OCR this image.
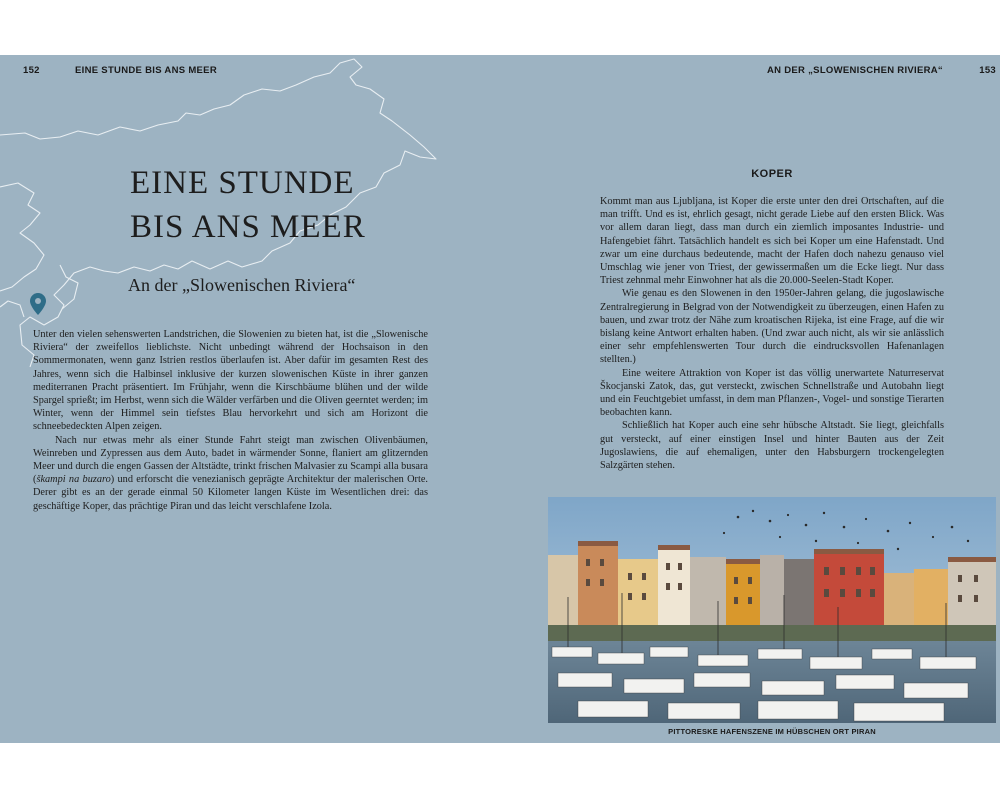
152	EINE STUNDE BIS ANS MEER	AN DER „SLOWENISCHEN RIVIERA“	153
EINE STUNDE
BIS ANS MEER
An der „Slowenischen Riviera“

Unter den vielen sehenswerten Landstrichen, die Slowenien zu bieten hat, ist die „Slowenische Riviera“ der zweifellos lieblichste. Nicht unbedingt während der Hochsaison in den Sommermonaten, wenn ganz Istrien restlos überlaufen ist. Aber dafür im gesamten Rest des Jahres, wenn sich die Halbinsel inklusive der kurzen slowenischen Küste in ihrer ganzen mediterranen Pracht präsentiert. Im Frühjahr, wenn die Kirschbäume blühen und der wilde Spargel sprießt; im Herbst, wenn sich die Wälder verfärben und die Oliven geerntet werden; im Winter, wenn der Himmel sein tiefstes Blau hervorkehrt und sich am Horizont die schneebedeckten Alpen zeigen.

Nach nur etwas mehr als einer Stunde Fahrt steigt man zwischen Olivenbäumen, Weinreben und Zypressen aus dem Auto, badet in wärmender Sonne, flaniert am glitzernden Meer und durch die engen Gassen der Altstädte, trinkt frischen Malvasier zu Scampi alla busara (škampi na buzaro) und erforscht die venezianisch geprägte Architektur der malerischen Orte. Derer gibt es an der gerade einmal 50 Kilometer langen Küste im Wesentlichen drei: das geschäftige Koper, das prächtige Piran und das leicht verschlafene Izola.

KOPER

Kommt man aus Ljubljana, ist Koper die erste unter den drei Ortschaften, auf die man trifft. Und es ist, ehrlich gesagt, nicht gerade Liebe auf den ersten Blick. Was vor allem daran liegt, dass man durch ein ziemlich imposantes Industrie- und Hafengebiet fährt. Tatsächlich handelt es sich bei Koper um eine Hafenstadt. Und zwar um eine durchaus bedeutende, macht der Hafen doch nahezu genauso viel Umschlag wie jener von Triest, der gewissermaßen um die Ecke liegt. Nur dass Triest zehnmal mehr Einwohner hat als die 20.000-Seelen-Stadt Koper.

Wie genau es den Slowenen in den 1950er-Jahren gelang, die jugoslawische Zentralregierung in Belgrad von der Notwendigkeit zu überzeugen, einen Hafen zu bauen, und zwar trotz der Nähe zum kroatischen Rijeka, ist eine Frage, auf die wir bislang keine Antwort erhalten haben. (Und zwar auch nicht, als wir sie anlässlich einer sehr empfehlenswerten Tour durch die eindrucksvollen Hafenanlagen stellten.)

Eine weitere Attraktion von Koper ist das völlig unerwartete Naturreservat Škocjanski Zatok, das, gut versteckt, zwischen Schnellstraße und Autobahn liegt und ein Feuchtgebiet umfasst, in dem man Pflanzen-, Vogel- und sonstige Tierarten beobachten kann.

Schließlich hat Koper auch eine sehr hübsche Altstadt. Sie liegt, gleichfalls gut versteckt, auf einer einstigen Insel und hinter Bauten aus der Zeit Jugoslawiens, die auf ehemaligen, unter den Habsburgern trockengelegten Salzgärten stehen.

PITTORESKE HAFENSZENE IM HÜBSCHEN ORT PIRAN
